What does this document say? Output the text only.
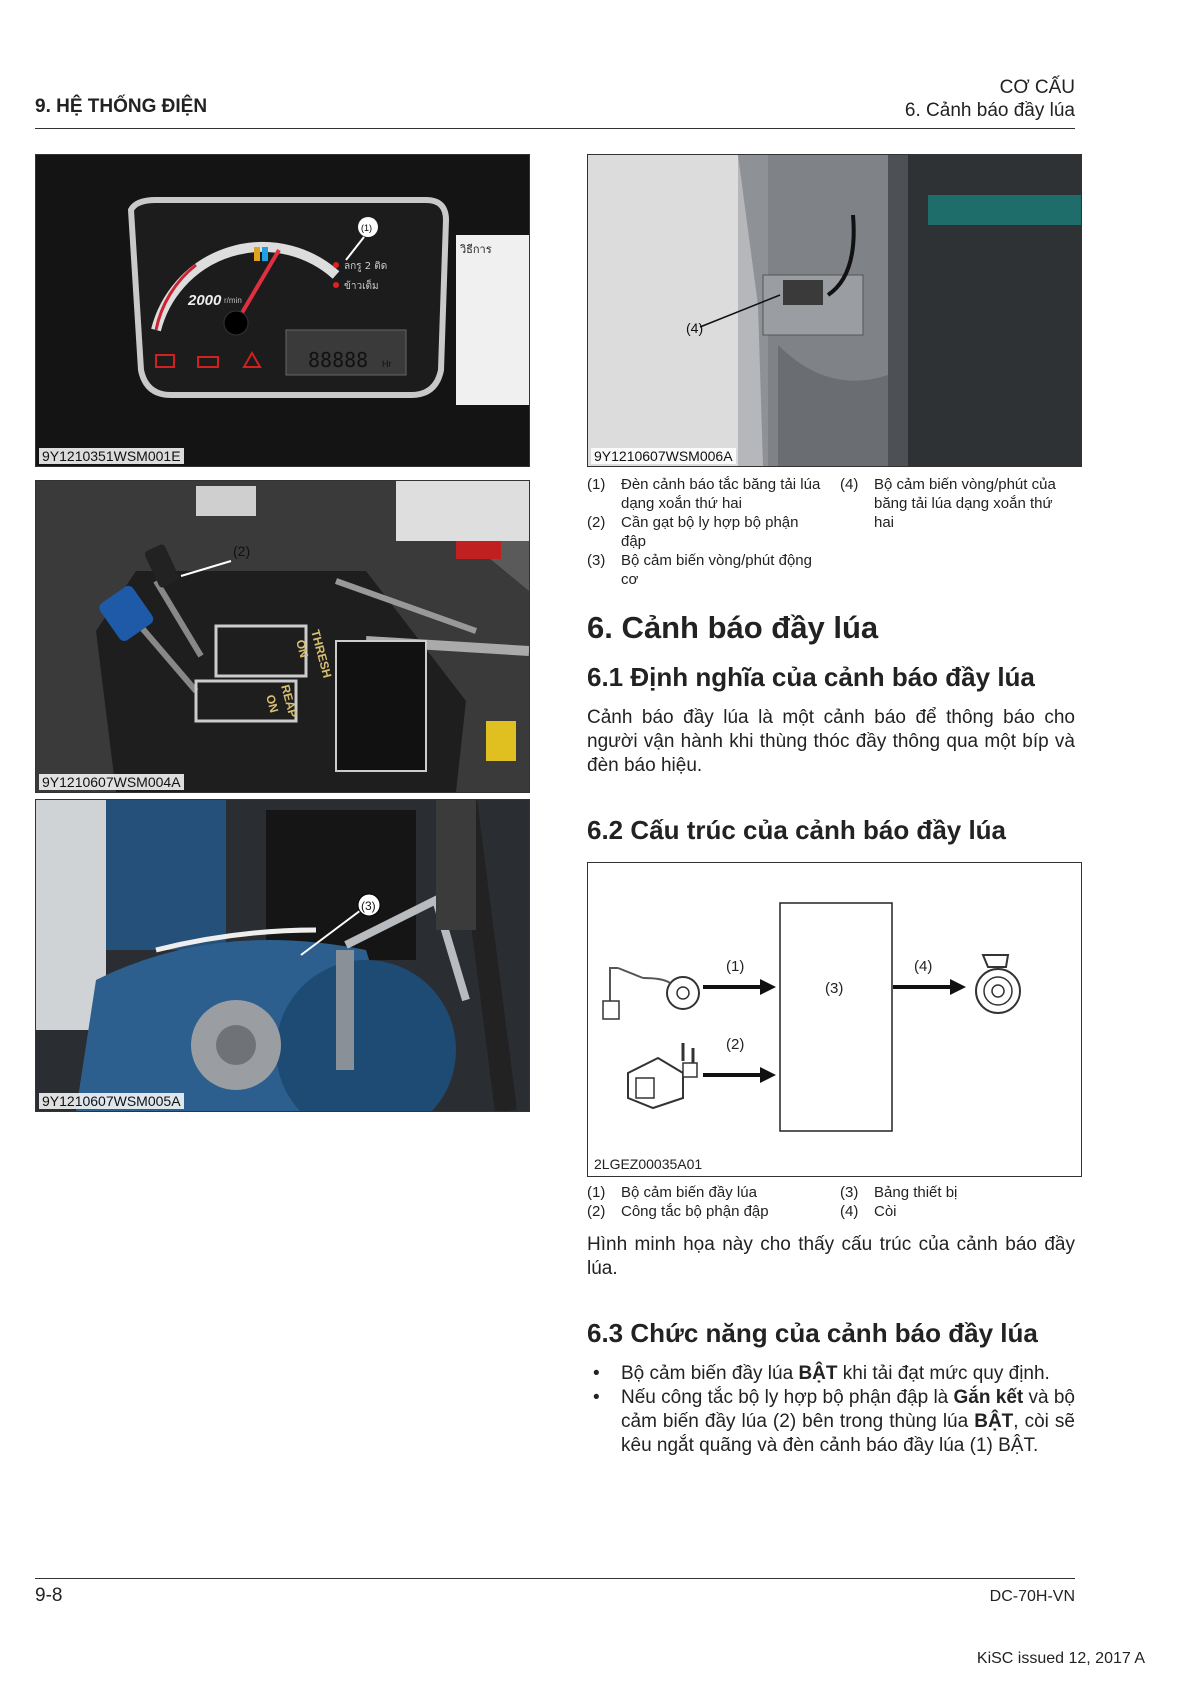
9. HỆ THỐNG ĐIỆN
CƠ CẤU
6. Cảnh báo đầy lúa
2000 r/min
88888 Hr
ลกรู 2 ติด
ข้าวเต็ม
(1)
วิธีการ
9Y1210351WSM001E
THRESH
ON
REAP
ON
(2)
9Y1210607WSM004A
(3)
9Y1210607WSM005A
(4)
9Y1210607WSM006A
(1)	Đèn cảnh báo tắc băng tải lúa dạng xoắn thứ hai
(2)	Cần gạt bộ ly hợp bộ phận đập
(3)	Bộ cảm biến vòng/phút động cơ
(4)	Bộ cảm biến vòng/phút của băng tải lúa dạng xoắn thứ hai
6. Cảnh báo đầy lúa
6.1 Định nghĩa của cảnh báo đầy lúa
Cảnh báo đầy lúa là một cảnh báo để thông báo cho người vận hành khi thùng thóc đầy thông qua một bíp và đèn báo hiệu.
6.2 Cấu trúc của cảnh báo đầy lúa
(3)
(1)
(2)
(4)
2LGEZ00035A01
(1)	Bộ cảm biến đầy lúa
(2)	Công tắc bộ phận đập
(3)	Bảng thiết bị
(4)	Còi
Hình minh họa này cho thấy cấu trúc của cảnh báo đầy lúa.
6.3 Chức năng của cảnh báo đầy lúa
•	Bộ cảm biến đầy lúa BẬT khi tải đạt mức quy định.
•	Nếu công tắc bộ ly hợp bộ phận đập là Gắn kết và bộ cảm biến đầy lúa (2) bên trong thùng lúa BẬT, còi sẽ kêu ngắt quãng và đèn cảnh báo đầy lúa (1) BẬT.
9-8	DC-70H-VN
KiSC issued 12, 2017 A
